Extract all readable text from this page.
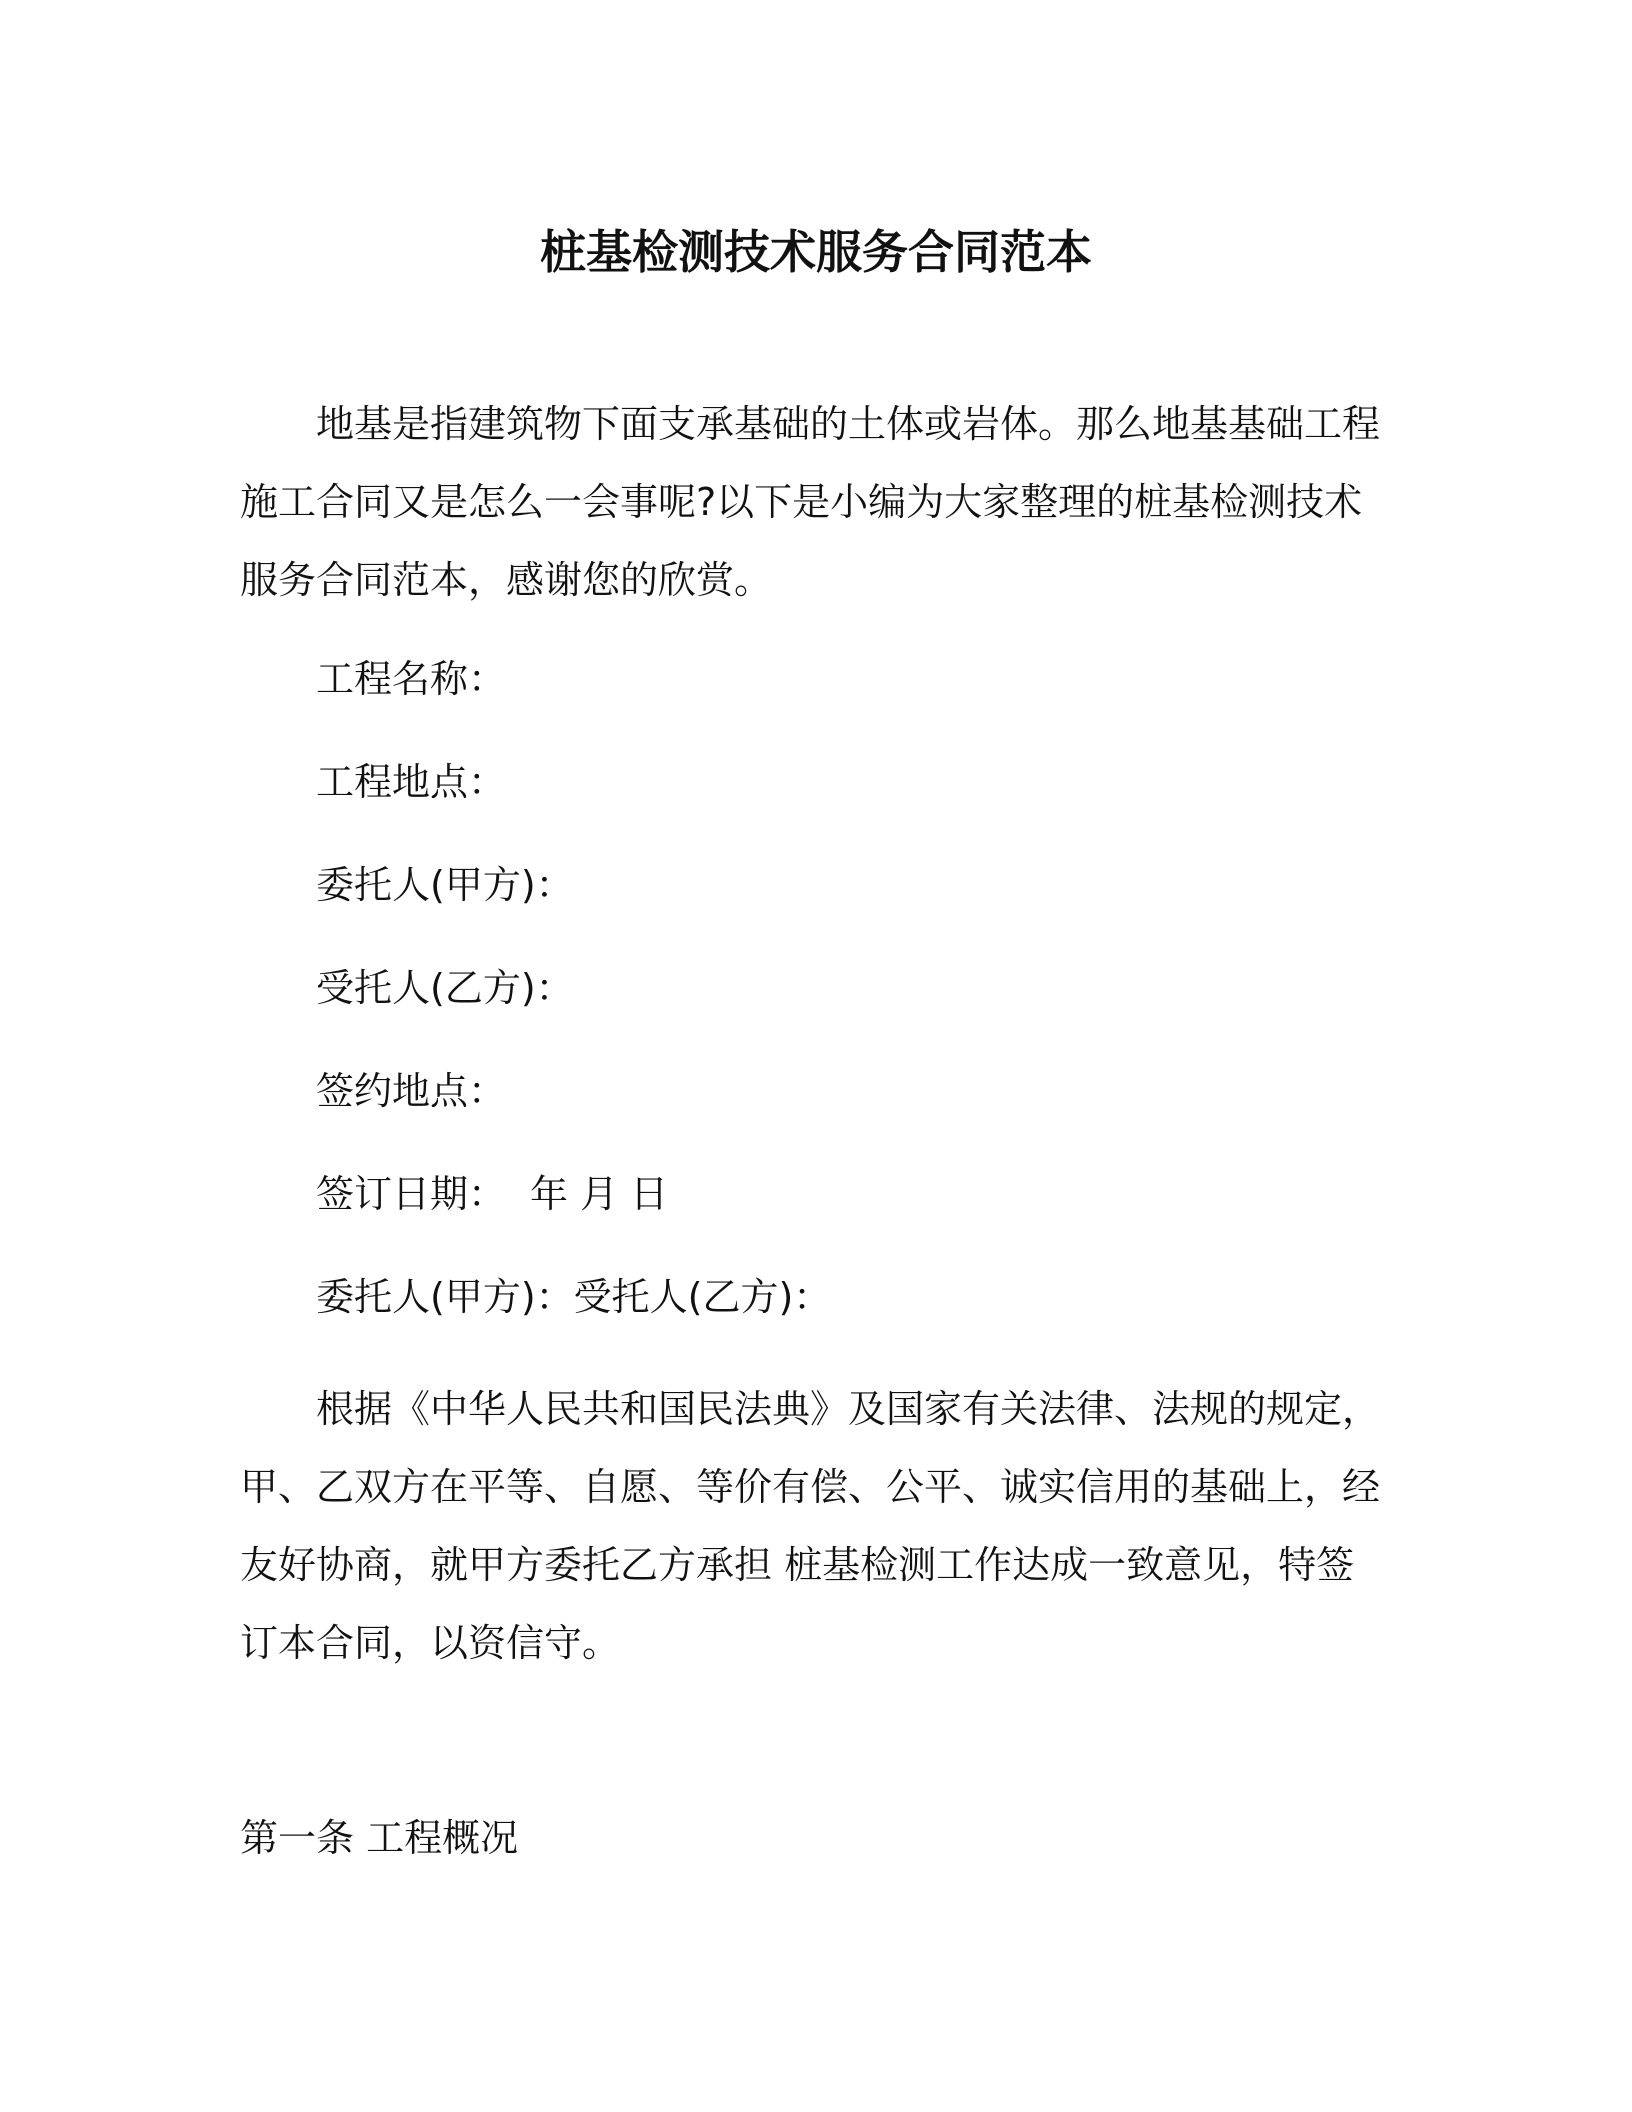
桩基检测技术服务合同范本

地基是指建筑物下面支承基础的土体或岩体。那么地基基础工程施工合同又是怎么一会事呢?以下是小编为大家整理的桩基检测技术服务合同范本，感谢您的欣赏。

工程名称：
工程地点：
委托人(甲方)：
受托人(乙方)：
签约地点：
签订日期： 年 月 日
委托人(甲方)：受托人(乙方)：

根据《中华人民共和国民法典》及国家有关法律、法规的规定，甲、乙双方在平等、自愿、等价有偿、公平、诚实信用的基础上，经友好协商，就甲方委托乙方承担 桩基检测工作达成一致意见，特签订本合同，以资信守。

第一条 工程概况
